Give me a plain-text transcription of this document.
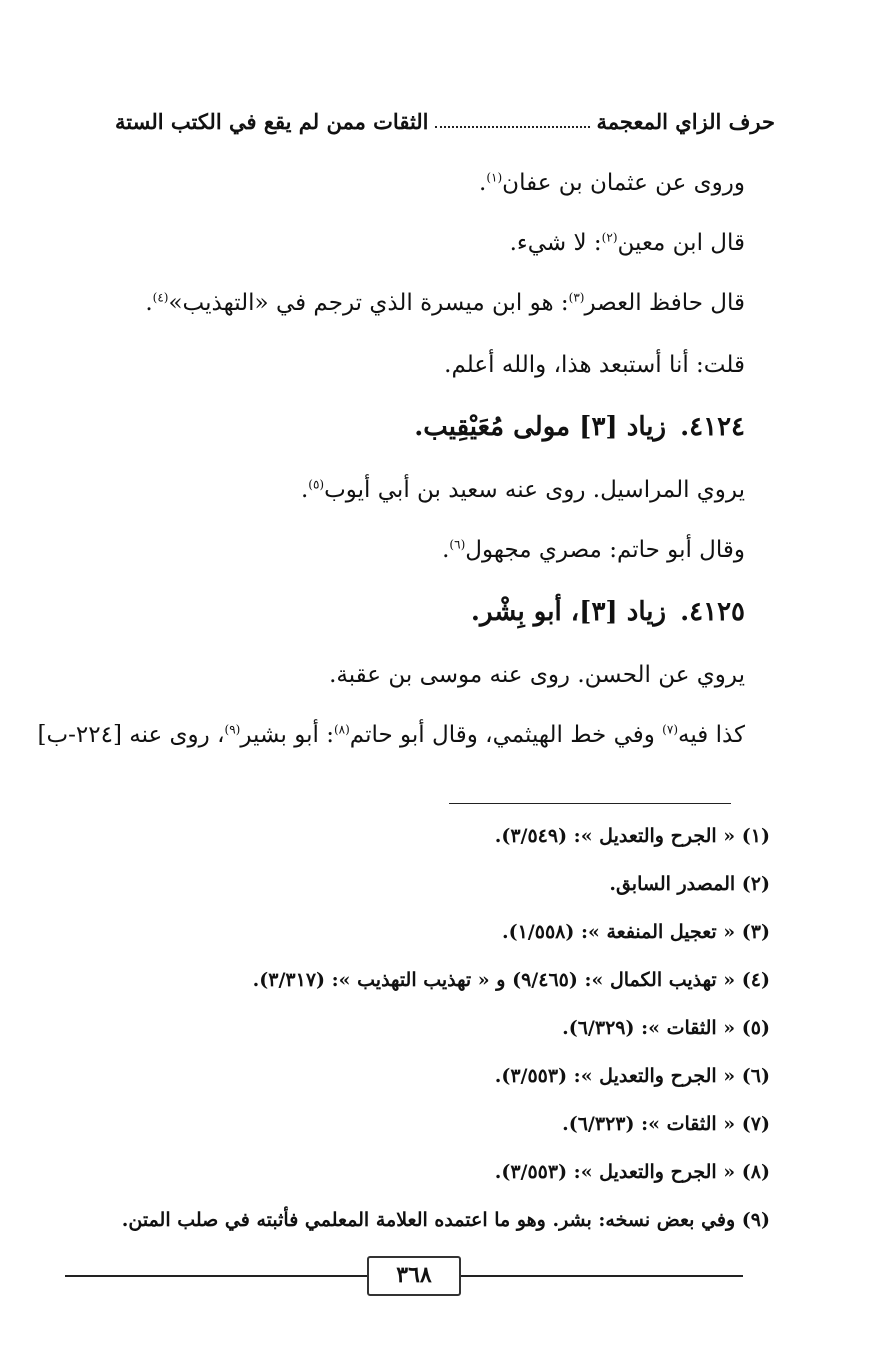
حرف الزاي المعجمة
الثقات ممن لم يقع في الكتب الستة
وروى عن عثمان بن عفان$^{(١)}$.
قال ابن معين$^{(٢)}$: لا شيء.
قال حافظ العصر$^{(٣)}$: هو ابن ميسرة الذي ترجم في «التهذيب»$^{(٤)}$.
قلت: أنا أستبعد هذا، والله أعلم.
٤١٢٤.زياد [٣] مولى مُعَيْقِيب.
يروي المراسيل. روى عنه سعيد بن أبي أيوب$^{(٥)}$.
وقال أبو حاتم: مصري مجهول$^{(٦)}$.
٤١٢٥.زياد [٣]، أبو بِشْر.
يروي عن الحسن. روى عنه موسى بن عقبة.
كذا فيه$^{(٧)}$ وفي خط الهيثمي، وقال أبو حاتم$^{(٨)}$: أبو بشير$^{(٩)}$، روى عنه [٢٢٤-ب]
(١) « الجرح والتعديل »: (٣/٥٤٩).
(٢) المصدر السابق.
(٣) « تعجيل المنفعة »: (١/٥٥٨).
(٤) « تهذيب الكمال »: (٩/٤٦٥) و « تهذيب التهذيب »: (٣/٣١٧).
(٥) « الثقات »: (٦/٣٢٩).
(٦) « الجرح والتعديل »: (٣/٥٥٣).
(٧) « الثقات »: (٦/٣٢٣).
(٨) « الجرح والتعديل »: (٣/٥٥٣).
(٩) وفي بعض نسخه: بشر. وهو ما اعتمده العلامة المعلمي فأثبته في صلب المتن.
٣٦٨
